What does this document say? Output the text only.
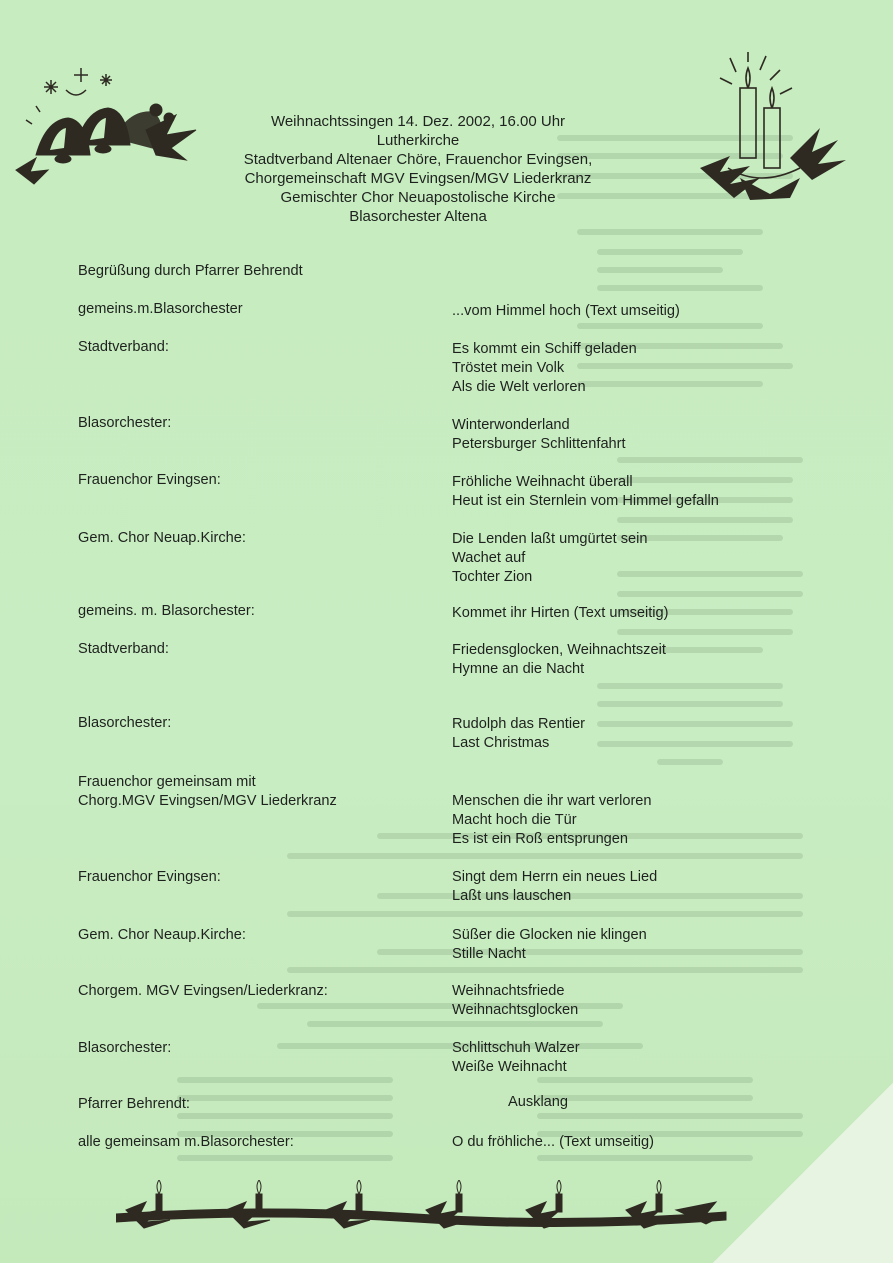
Weihnachtssingen 14. Dez. 2002, 16.00 Uhr
Lutherkirche
Stadtverband Altenaer Chöre, Frauenchor Evingsen,
Chorgemeinschaft MGV Evingsen/MGV Liederkranz
Gemischter Chor Neuapostolische Kirche
Blasorchester Altena
Begrüßung durch Pfarrer Behrendt
gemeins.m.Blasorchester	...vom Himmel hoch (Text umseitig)
Stadtverband:	Es kommt ein Schiff geladen
Tröstet mein Volk
Als die Welt verloren
Blasorchester:	Winterwonderland
Petersburger Schlittenfahrt
Frauenchor Evingsen:	Fröhliche Weihnacht überall
Heut ist ein Sternlein vom Himmel gefalln
Gem. Chor Neuap.Kirche:	Die Lenden laßt umgürtet sein
Wachet auf
Tochter Zion
gemeins. m. Blasorchester:	Kommet ihr Hirten (Text umseitig)
Stadtverband:	Friedensglocken, Weihnachtszeit
Hymne an die Nacht
Blasorchester:	Rudolph das Rentier
Last Christmas
Frauenchor gemeinsam mit
Chorg.MGV Evingsen/MGV Liederkranz	Menschen die ihr wart verloren
Macht hoch die Tür
Es ist ein Roß entsprungen
Frauenchor Evingsen:	Singt dem Herrn ein neues Lied
Laßt uns lauschen
Gem. Chor Neaup.Kirche:	Süßer die Glocken nie klingen
Stille Nacht
Chorgem. MGV Evingsen/Liederkranz:	Weihnachtsfriede
Weihnachtsglocken
Blasorchester:	Schlittschuh Walzer
Weiße Weihnacht
Pfarrer Behrendt:	Ausklang
alle gemeinsam m.Blasorchester:	O du fröhliche... (Text umseitig)
